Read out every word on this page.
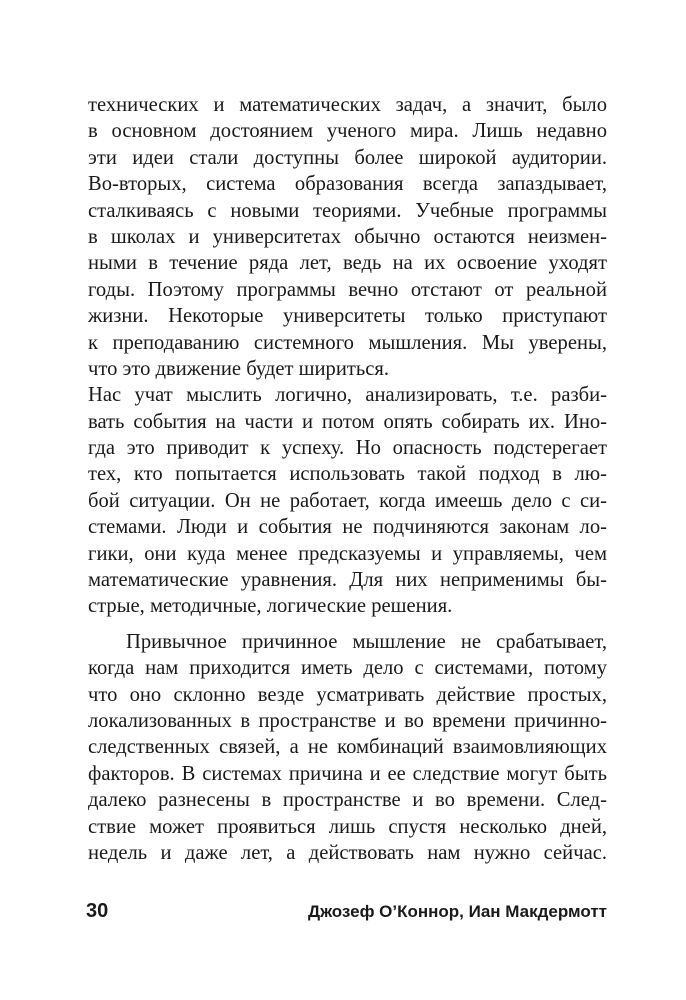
технических и математических задач, а значит, было
в основном достоянием ученого мира. Лишь недавно
эти идеи стали доступны более широкой аудитории.
Во-вторых, система образования всегда запаздывает,
сталкиваясь с новыми теориями. Учебные программы
в школах и университетах обычно остаются неизмен-
ными в течение ряда лет, ведь на их освоение уходят
годы. Поэтому программы вечно отстают от реальной
жизни. Некоторые университеты только приступают
к преподаванию системного мышления. Мы уверены,
что это движение будет шириться.
Нас учат мыслить логично, анализировать, т.е. разби-
вать события на части и потом опять собирать их. Ино-
гда это приводит к успеху. Но опасность подстерегает
тех, кто попытается использовать такой подход в лю-
бой ситуации. Он не работает, когда имеешь дело с си-
стемами. Люди и события не подчиняются законам ло-
гики, они куда менее предсказуемы и управляемы, чем
математические уравнения. Для них неприменимы бы-
стрые, методичные, логические решения.
Привычное причинное мышление не срабатывает,
когда нам приходится иметь дело с системами, потому
что оно склонно везде усматривать действие простых,
локализованных в пространстве и во времени причинно-
следственных связей, а не комбинаций взаимовлияющих
факторов. В системах причина и ее следствие могут быть
далеко разнесены в пространстве и во времени. След-
ствие может проявиться лишь спустя несколько дней,
недель и даже лет, а действовать нам нужно сейчас.
30	Джозеф О’Коннор, Иан Макдермотт
